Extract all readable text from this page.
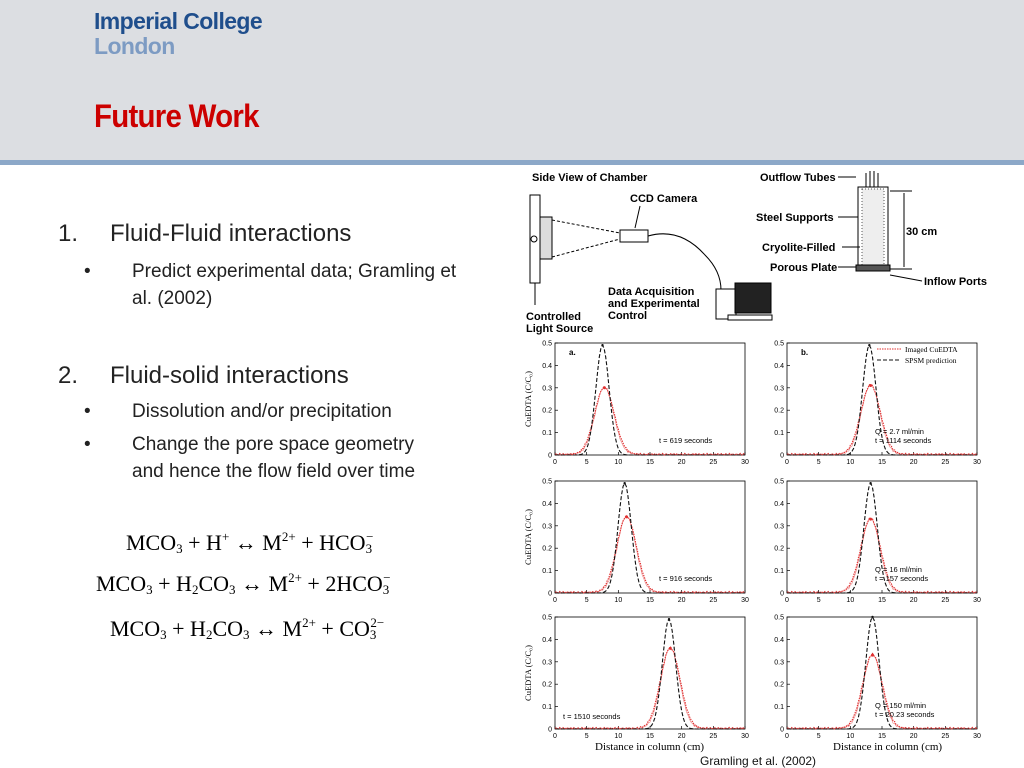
Imperial College
London
Future Work
1. Fluid-Fluid interactions
• Predict experimental data; Gramling et al. (2002)
2. Fluid-solid interactions
• Dissolution and/or precipitation
• Change the pore space geometry and hence the flow field over time
$MCO_3 + H^+$ ↔ $M^{2+} + HCO_3^-$
$MCO_3 + H_2CO_3$ ↔ $M^{2+} + 2HCO_3^-$
$MCO_3 + H_2CO_3$ ↔ $M^{2+} + CO_3^{2-}$
Side View of Chamber
CCD Camera
Data Acquisition
and Experimental
Control
Controlled
Light Source
Outflow Tubes
30 cm
Steel Supports
Cryolite-Filled
Porous Plate
Inflow Ports
Distance in column (cm)
Distance in column (cm)
0	5	10	15	20	25	30
0
0.1
0.2
0.3
0.4
0.5
CuEDTA (C/C₀)
a.
t = 619 seconds
0	5	10	15	20	25	30
0
0.1
0.2
0.3
0.4
0.5
b.
Q = 2.7 ml/min
t = 1114 seconds
Imaged CuEDTA
SPSM prediction
0	5	10	15	20	25	30
0
0.1
0.2
0.3
0.4
0.5
CuEDTA (C/C₀)
t = 916 seconds
0	5	10	15	20	25	30
0
0.1
0.2
0.3
0.4
0.5
Q = 16 ml/min
t = 157 seconds
0	5	10	15	20	25	30
0
0.1
0.2
0.3
0.4
0.5
CuEDTA (C/C₀)
t = 1510 seconds
0	5	10	15	20	25	30
0
0.1
0.2
0.3
0.4
0.5
Q = 150 ml/min
t = 20.23 seconds
Gramling et al. (2002)
